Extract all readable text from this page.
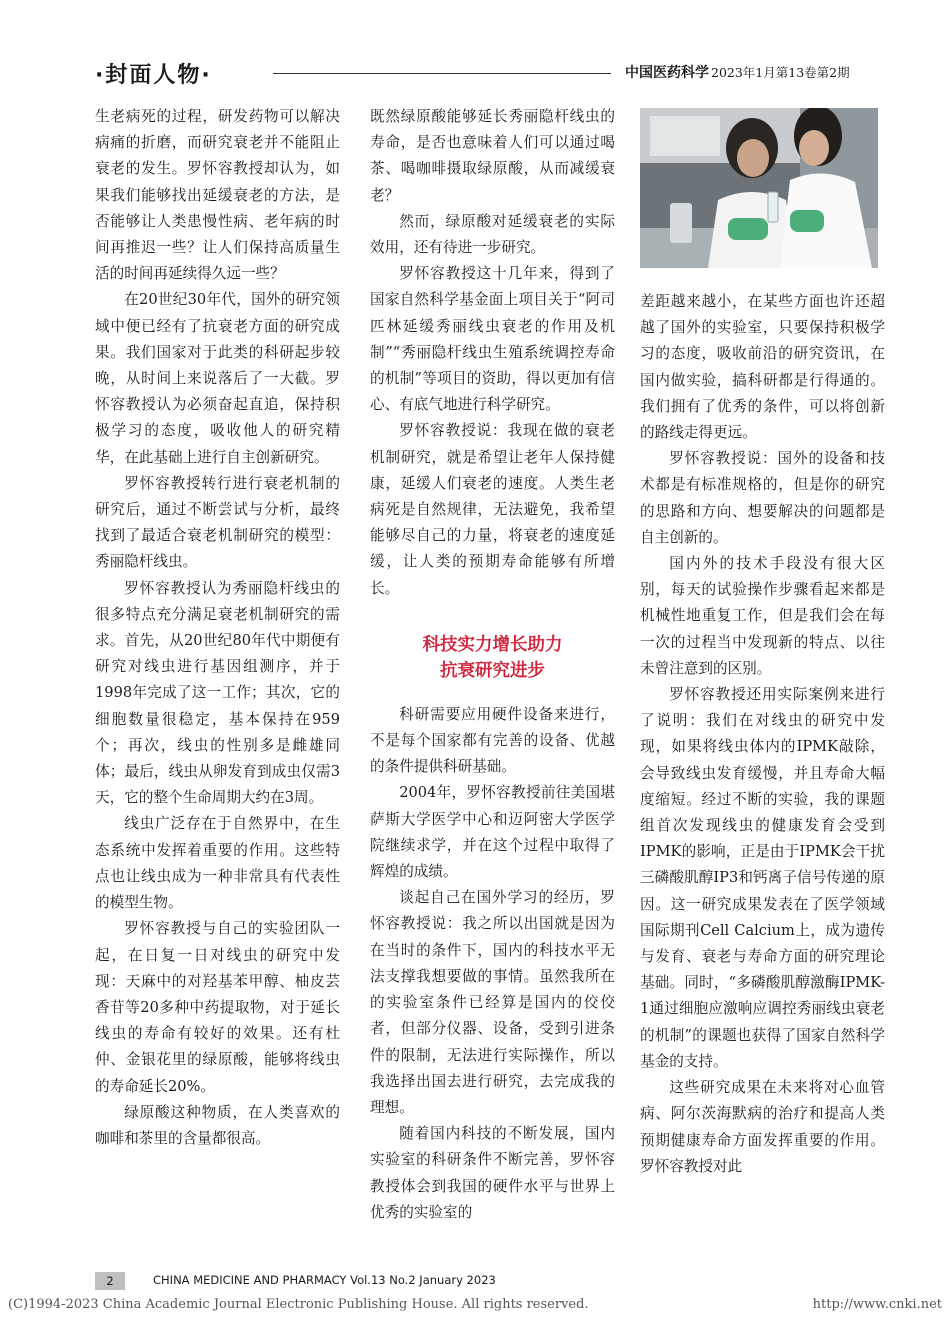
·封面人物·	中国医药科学 2023年1月第13卷第2期

生老病死的过程，研发药物可以解决病痛的折磨，而研究衰老并不能阻止衰老的发生。罗怀容教授却认为，如果我们能够找出延缓衰老的方法，是否能够让人类患慢性病、老年病的时间再推迟一些？让人们保持高质量生活的时间再延续得久远一些？

在20世纪30年代，国外的研究领域中便已经有了抗衰老方面的研究成果。我们国家对于此类的科研起步较晚，从时间上来说落后了一大截。罗怀容教授认为必须奋起直追，保持积极学习的态度，吸收他人的研究精华，在此基础上进行自主创新研究。

罗怀容教授转行进行衰老机制的研究后，通过不断尝试与分析，最终找到了最适合衰老机制研究的模型：秀丽隐杆线虫。

罗怀容教授认为秀丽隐杆线虫的很多特点充分满足衰老机制研究的需求。首先，从20世纪80年代中期便有研究对线虫进行基因组测序，并于1998年完成了这一工作；其次，它的细胞数量很稳定，基本保持在959个；再次，线虫的性别多是雌雄同体；最后，线虫从卵发育到成虫仅需3天，它的整个生命周期大约在3周。

线虫广泛存在于自然界中，在生态系统中发挥着重要的作用。这些特点也让线虫成为一种非常具有代表性的模型生物。

罗怀容教授与自己的实验团队一起，在日复一日对线虫的研究中发现：天麻中的对羟基苯甲醇、柚皮芸香苷等20多种中药提取物，对于延长线虫的寿命有较好的效果。还有杜仲、金银花里的绿原酸，能够将线虫的寿命延长20%。

绿原酸这种物质，在人类喜欢的咖啡和茶里的含量都很高。

既然绿原酸能够延长秀丽隐杆线虫的寿命，是否也意味着人们可以通过喝茶、喝咖啡摄取绿原酸，从而减缓衰老？

然而，绿原酸对延缓衰老的实际效用，还有待进一步研究。

罗怀容教授这十几年来，得到了国家自然科学基金面上项目关于“阿司匹林延缓秀丽线虫衰老的作用及机制”“秀丽隐杆线虫生殖系统调控寿命的机制”等项目的资助，得以更加有信心、有底气地进行科学研究。

罗怀容教授说：我现在做的衰老机制研究，就是希望让老年人保持健康，延缓人们衰老的速度。人类生老病死是自然规律，无法避免，我希望能够尽自己的力量，将衰老的速度延缓，让人类的预期寿命能够有所增长。

科技实力增长助力
抗衰研究进步

科研需要应用硬件设备来进行，不是每个国家都有完善的设备、优越的条件提供科研基础。

2004年，罗怀容教授前往美国堪萨斯大学医学中心和迈阿密大学医学院继续求学，并在这个过程中取得了辉煌的成绩。

谈起自己在国外学习的经历，罗怀容教授说：我之所以出国就是因为在当时的条件下，国内的科技水平无法支撑我想要做的事情。虽然我所在的实验室条件已经算是国内的佼佼者，但部分仪器、设备，受到引进条件的限制，无法进行实际操作，所以我选择出国去进行研究，去完成我的理想。

随着国内科技的不断发展，国内实验室的科研条件不断完善，罗怀容教授体会到我国的硬件水平与世界上优秀的实验室的

差距越来越小，在某些方面也许还超越了国外的实验室，只要保持积极学习的态度，吸收前沿的研究资讯，在国内做实验，搞科研都是行得通的。我们拥有了优秀的条件，可以将创新的路线走得更远。

罗怀容教授说：国外的设备和技术都是有标准规格的，但是你的研究的思路和方向、想要解决的问题都是自主创新的。

国内外的技术手段没有很大区别，每天的试验操作步骤看起来都是机械性地重复工作，但是我们会在每一次的过程当中发现新的特点、以往未曾注意到的区别。

罗怀容教授还用实际案例来进行了说明：我们在对线虫的研究中发现，如果将线虫体内的IPMK敲除，会导致线虫发育缓慢，并且寿命大幅度缩短。经过不断的实验，我的课题组首次发现线虫的健康发育会受到IPMK的影响，正是由于IPMK会干扰三磷酸肌醇IP3和钙离子信号传递的原因。这一研究成果发表在了医学领域国际期刊Cell Calcium上，成为遗传与发育、衰老与寿命方面的研究理论基础。同时，“多磷酸肌醇激酶IPMK-1通过细胞应激响应调控秀丽线虫衰老的机制”的课题也获得了国家自然科学基金的支持。

这些研究成果在未来将对心血管病、阿尔茨海默病的治疗和提高人类预期健康寿命方面发挥重要的作用。罗怀容教授对此

2	CHINA MEDICINE AND PHARMACY Vol.13 No.2 January 2023
(C)1994-2023 China Academic Journal Electronic Publishing House. All rights reserved.	http://www.cnki.net
